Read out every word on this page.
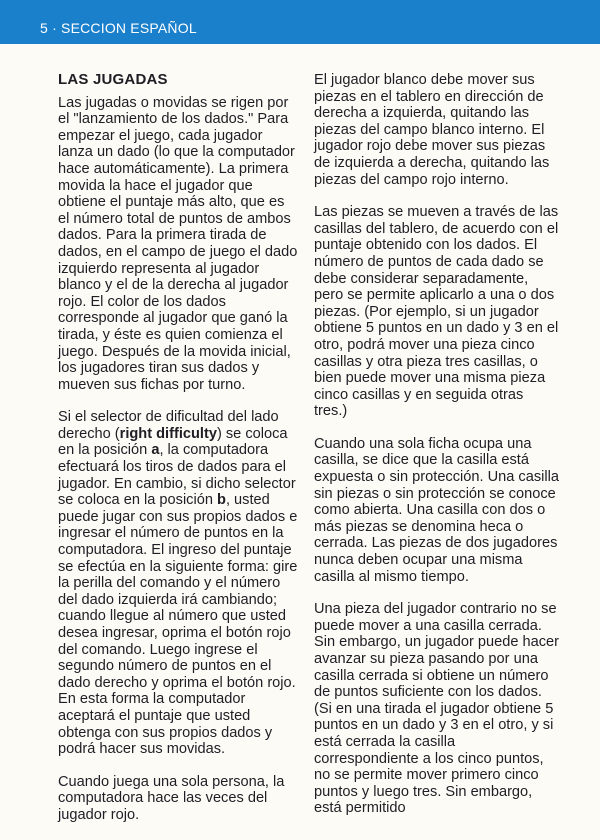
5 · SECCION ESPAÑOL
LAS JUGADAS

Las jugadas o movidas se rigen por el "lanzamiento de los dados." Para empezar el juego, cada jugador lanza un dado (lo que la computador hace automáticamente). La primera movida la hace el jugador que obtiene el puntaje más alto, que es el número total de puntos de ambos dados. Para la primera tirada de dados, en el campo de juego el dado izquierdo representa al jugador blanco y el de la derecha al jugador rojo. El color de los dados corresponde al jugador que ganó la tirada, y éste es quien comienza el juego. Después de la movida inicial, los jugadores tiran sus dados y mueven sus fichas por turno.

Si el selector de dificultad del lado derecho (right difficulty) se coloca en la posición a, la computadora efectuará los tiros de dados para el jugador. En cambio, si dicho selector se coloca en la posición b, usted puede jugar con sus propios dados e ingresar el número de puntos en la computadora. El ingreso del puntaje se efectúa en la siguiente forma: gire la perilla del comando y el número del dado izquierda irá cambiando; cuando llegue al número que usted desea ingresar, oprima el botón rojo del comando. Luego ingrese el segundo número de puntos en el dado derecho y oprima el botón rojo. En esta forma la computador aceptará el puntaje que usted obtenga con sus propios dados y podrá hacer sus movidas.

Cuando juega una sola persona, la computadora hace las veces del jugador rojo.

El jugador blanco debe mover sus piezas en el tablero en dirección de derecha a izquierda, quitando las piezas del campo blanco interno. El jugador rojo debe mover sus piezas de izquierda a derecha, quitando las piezas del campo rojo interno.

Las piezas se mueven a través de las casillas del tablero, de acuerdo con el puntaje obtenido con los dados. El número de puntos de cada dado se debe considerar separadamente, pero se permite aplicarlo a una o dos piezas. (Por ejemplo, si un jugador obtiene 5 puntos en un dado y 3 en el otro, podrá mover una pieza cinco casillas y otra pieza tres casillas, o bien puede mover una misma pieza cinco casillas y en seguida otras tres.)

Cuando una sola ficha ocupa una casilla, se dice que la casilla está expuesta o sin protección. Una casilla sin piezas o sin protección se conoce como abierta. Una casilla con dos o más piezas se denomina heca o cerrada. Las piezas de dos jugadores nunca deben ocupar una misma casilla al mismo tiempo.

Una pieza del jugador contrario no se puede mover a una casilla cerrada. Sin embargo, un jugador puede hacer avanzar su pieza pasando por una casilla cerrada si obtiene un número de puntos suficiente con los dados. (Si en una tirada el jugador obtiene 5 puntos en un dado y 3 en el otro, y si está cerrada la casilla correspondiente a los cinco puntos, no se permite mover primero cinco puntos y luego tres. Sin embargo, está permitido
